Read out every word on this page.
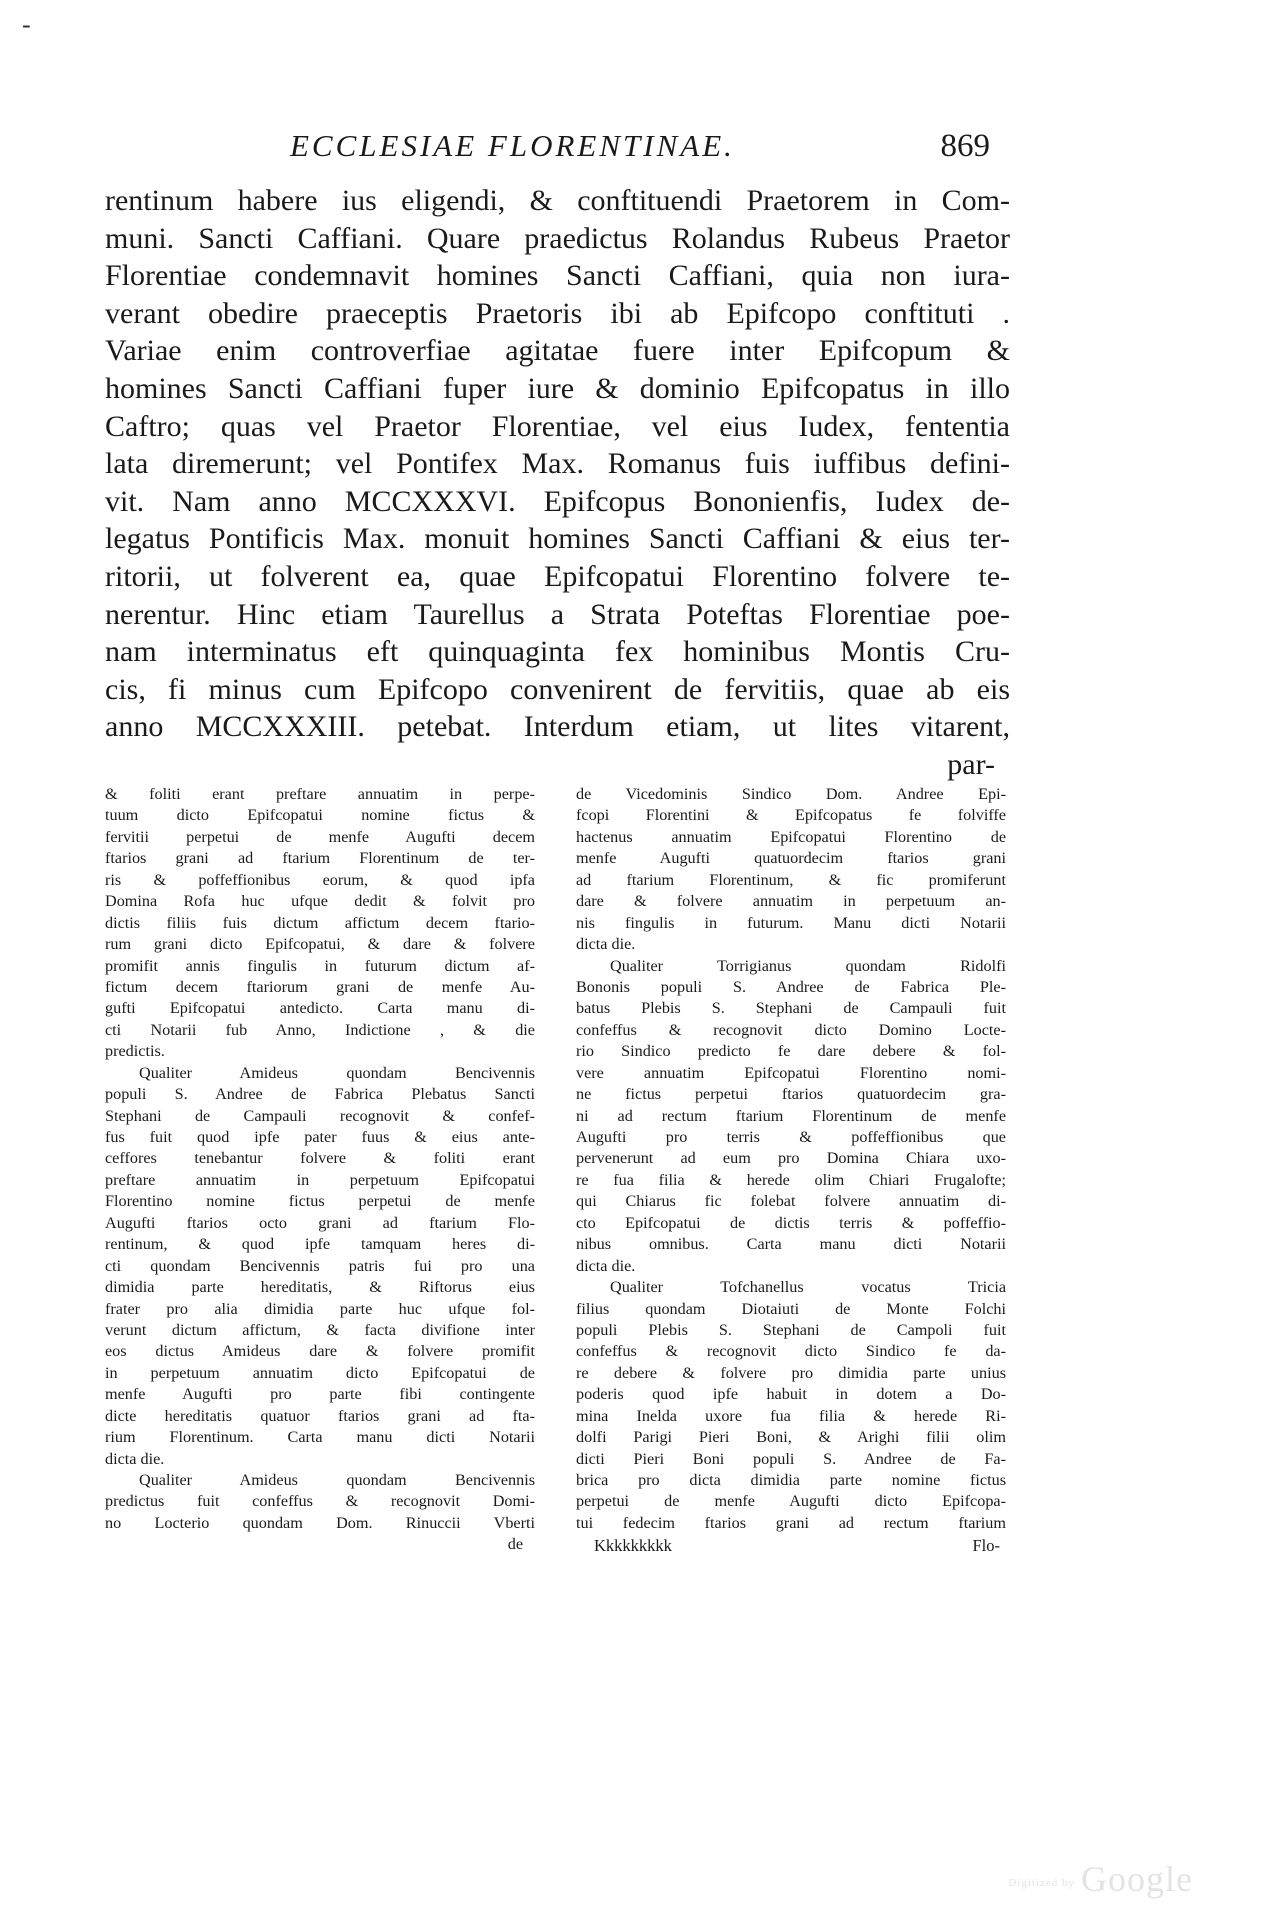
-
ECCLESIAE FLORENTINAE.	869
rentinum habere ius eligendi, & conftituendi Praetorem in Com-
muni. Sancti Caffiani. Quare praedictus Rolandus Rubeus Praetor
Florentiae condemnavit homines Sancti Caffiani, quia non iura-
verant obedire praeceptis Praetoris ibi ab Epifcopo conftituti .
Variae enim controverfiae agitatae fuere inter Epifcopum &
homines Sancti Caffiani fuper iure & dominio Epifcopatus in illo
Caftro; quas vel Praetor Florentiae, vel eius Iudex, fententia
lata diremerunt; vel Pontifex Max. Romanus fuis iuffibus defini-
vit. Nam anno MCCXXXVI. Epifcopus Bononienfis, Iudex de-
legatus Pontificis Max. monuit homines Sancti Caffiani & eius ter-
ritorii, ut folverent ea, quae Epifcopatui Florentino folvere te-
nerentur. Hinc etiam Taurellus a Strata Poteftas Florentiae poe-
nam interminatus eft quinquaginta fex hominibus Montis Cru-
cis, fi minus cum Epifcopo convenirent de fervitiis, quae ab eis
anno MCCXXXIII. petebat. Interdum etiam, ut lites vitarent,
par-
& foliti erant preftare annuatim in perpe-
tuum dicto Epifcopatui nomine fictus &
fervitii perpetui de menfe Augufti decem
ftarios grani ad ftarium Florentinum de ter-
ris & poffeffionibus eorum, & quod ipfa
Domina Rofa huc ufque dedit & folvit pro
dictis filiis fuis dictum affictum decem ftario-
rum grani dicto Epifcopatui, & dare & folvere
promifit annis fingulis in futurum dictum af-
fictum decem ftariorum grani de menfe Au-
gufti Epifcopatui antedicto. Carta manu di-
cti Notarii fub Anno, Indictione , & die
predictis.
Qualiter Amideus quondam Bencivennis
populi S. Andree de Fabrica Plebatus Sancti
Stephani de Campauli recognovit & confef-
fus fuit quod ipfe pater fuus & eius ante-
ceffores tenebantur folvere & foliti erant
preftare annuatim in perpetuum Epifcopatui
Florentino nomine fictus perpetui de menfe
Augufti ftarios octo grani ad ftarium Flo-
rentinum, & quod ipfe tamquam heres di-
cti quondam Bencivennis patris fui pro una
dimidia parte hereditatis, & Riftorus eius
frater pro alia dimidia parte huc ufque fol-
verunt dictum affictum, & facta divifione inter
eos dictus Amideus dare & folvere promifit
in perpetuum annuatim dicto Epifcopatui de
menfe Augufti pro parte fibi contingente
dicte hereditatis quatuor ftarios grani ad fta-
rium Florentinum. Carta manu dicti Notarii
dicta die.
Qualiter Amideus quondam Bencivennis
predictus fuit confeffus & recognovit Domi-
no Locterio quondam Dom. Rinuccii Vberti
de
de Vicedominis Sindico Dom. Andree Epi-
fcopi Florentini & Epifcopatus fe folviffe
hactenus annuatim Epifcopatui Florentino de
menfe Augufti quatuordecim ftarios grani
ad ftarium Florentinum, & fic promiferunt
dare & folvere annuatim in perpetuum an-
nis fingulis in futurum. Manu dicti Notarii
dicta die.
Qualiter Torrigianus quondam Ridolfi
Bononis populi S. Andree de Fabrica Ple-
batus Plebis S. Stephani de Campauli fuit
confeffus & recognovit dicto Domino Locte-
rio Sindico predicto fe dare debere & fol-
vere annuatim Epifcopatui Florentino nomi-
ne fictus perpetui ftarios quatuordecim gra-
ni ad rectum ftarium Florentinum de menfe
Augufti pro terris & poffeffionibus que
pervenerunt ad eum pro Domina Chiara uxo-
re fua filia & herede olim Chiari Frugalofte;
qui Chiarus fic folebat folvere annuatim di-
cto Epifcopatui de dictis terris & poffeffio-
nibus omnibus. Carta manu dicti Notarii
dicta die.
Qualiter Tofchanellus vocatus Tricia
filius quondam Diotaiuti de Monte Folchi
populi Plebis S. Stephani de Campoli fuit
confeffus & recognovit dicto Sindico fe da-
re debere & folvere pro dimidia parte unius
poderis quod ipfe habuit in dotem a Do-
mina Inelda uxore fua filia & herede Ri-
dolfi Parigi Pieri Boni, & Arighi filii olim
dicti Pieri Boni populi S. Andree de Fa-
brica pro dicta dimidia parte nomine fictus
perpetui de menfe Augufti dicto Epifcopa-
tui fedecim ftarios grani ad rectum ftarium
Kkkkkkkkk	Flo-
Digitized by Google
